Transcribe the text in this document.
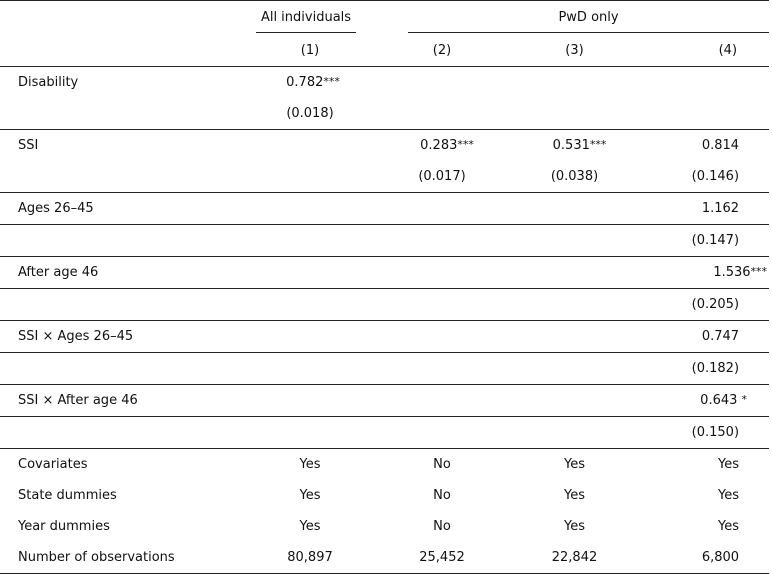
	All individuals	PwD only		

	(1)	(2)	(3)	(4)
Disability	0.782***			
	(0.018)			
SSI		0.283***	0.531***	0.814
		(0.017)	(0.038)	(0.146)
Ages 26–45				1.162
				(0.147)
After age 46				1.536***
				(0.205)
SSI × Ages 26–45				0.747
				(0.182)
SSI × After age 46				0.643 *
				(0.150)
Covariates	Yes	No	Yes	Yes
State dummies	Yes	No	Yes	Yes
Year dummies	Yes	No	Yes	Yes
Number of observations	80,897	25,452	22,842	6,800
